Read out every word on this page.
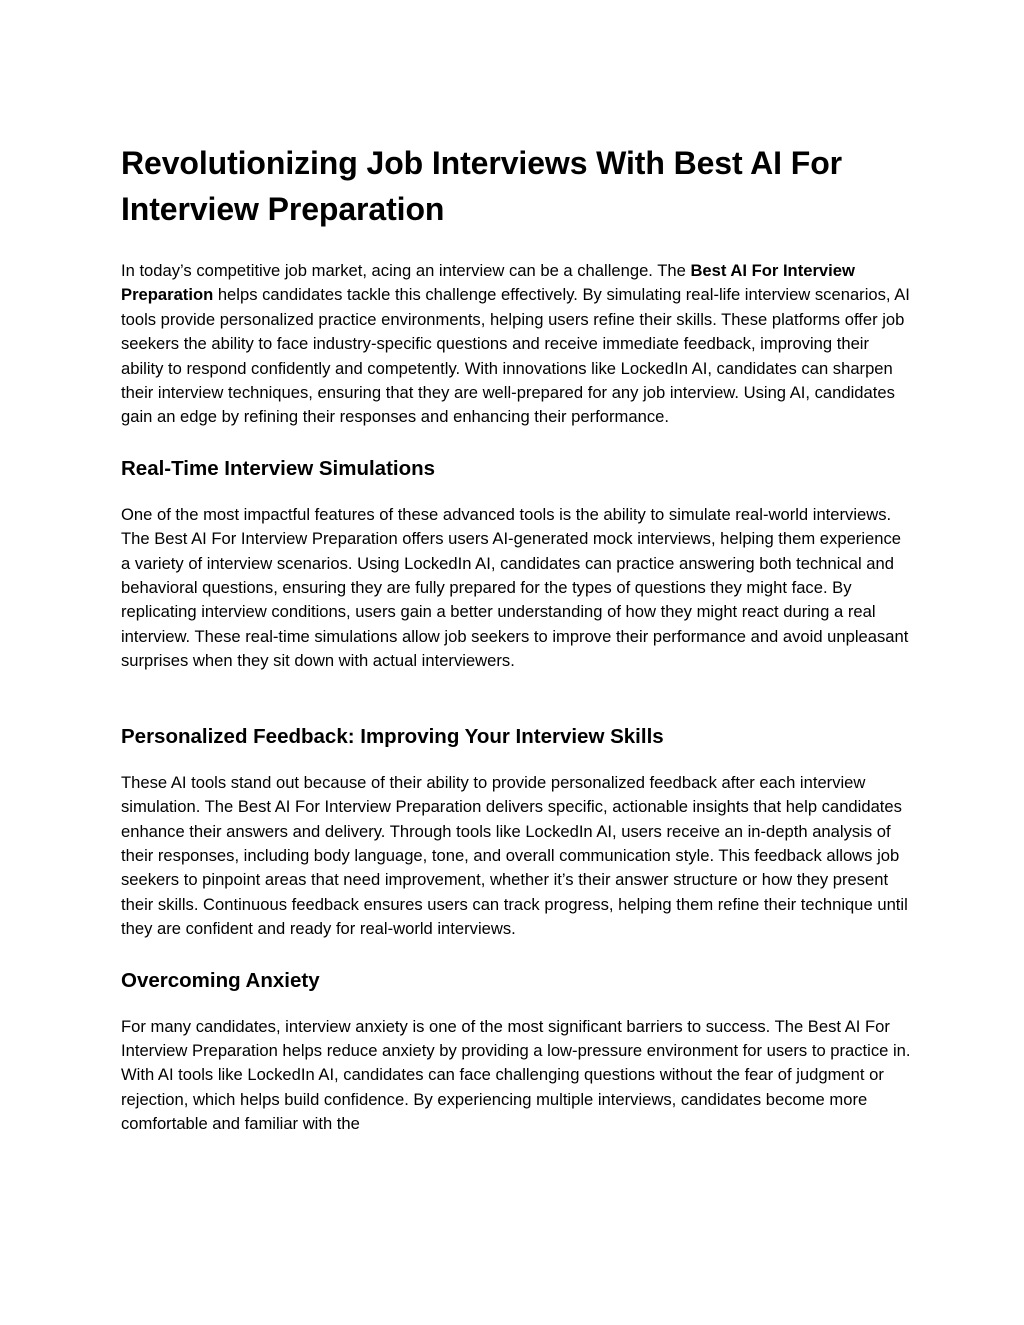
Revolutionizing Job Interviews With Best AI For Interview Preparation

In today’s competitive job market, acing an interview can be a challenge. The Best AI For Interview Preparation helps candidates tackle this challenge effectively. By simulating real-life interview scenarios, AI tools provide personalized practice environments, helping users refine their skills. These platforms offer job seekers the ability to face industry-specific questions and receive immediate feedback, improving their ability to respond confidently and competently. With innovations like LockedIn AI, candidates can sharpen their interview techniques, ensuring that they are well-prepared for any job interview. Using AI, candidates gain an edge by refining their responses and enhancing their performance.

Real-Time Interview Simulations

One of the most impactful features of these advanced tools is the ability to simulate real-world interviews. The Best AI For Interview Preparation offers users AI-generated mock interviews, helping them experience a variety of interview scenarios. Using LockedIn AI, candidates can practice answering both technical and behavioral questions, ensuring they are fully prepared for the types of questions they might face. By replicating interview conditions, users gain a better understanding of how they might react during a real interview. These real-time simulations allow job seekers to improve their performance and avoid unpleasant surprises when they sit down with actual interviewers.

Personalized Feedback: Improving Your Interview Skills

These AI tools stand out because of their ability to provide personalized feedback after each interview simulation. The Best AI For Interview Preparation delivers specific, actionable insights that help candidates enhance their answers and delivery. Through tools like LockedIn AI, users receive an in-depth analysis of their responses, including body language, tone, and overall communication style. This feedback allows job seekers to pinpoint areas that need improvement, whether it’s their answer structure or how they present their skills. Continuous feedback ensures users can track progress, helping them refine their technique until they are confident and ready for real-world interviews.

Overcoming Anxiety

For many candidates, interview anxiety is one of the most significant barriers to success. The Best AI For Interview Preparation helps reduce anxiety by providing a low-pressure environment for users to practice in. With AI tools like LockedIn AI, candidates can face challenging questions without the fear of judgment or rejection, which helps build confidence. By experiencing multiple interviews, candidates become more comfortable and familiar with the
